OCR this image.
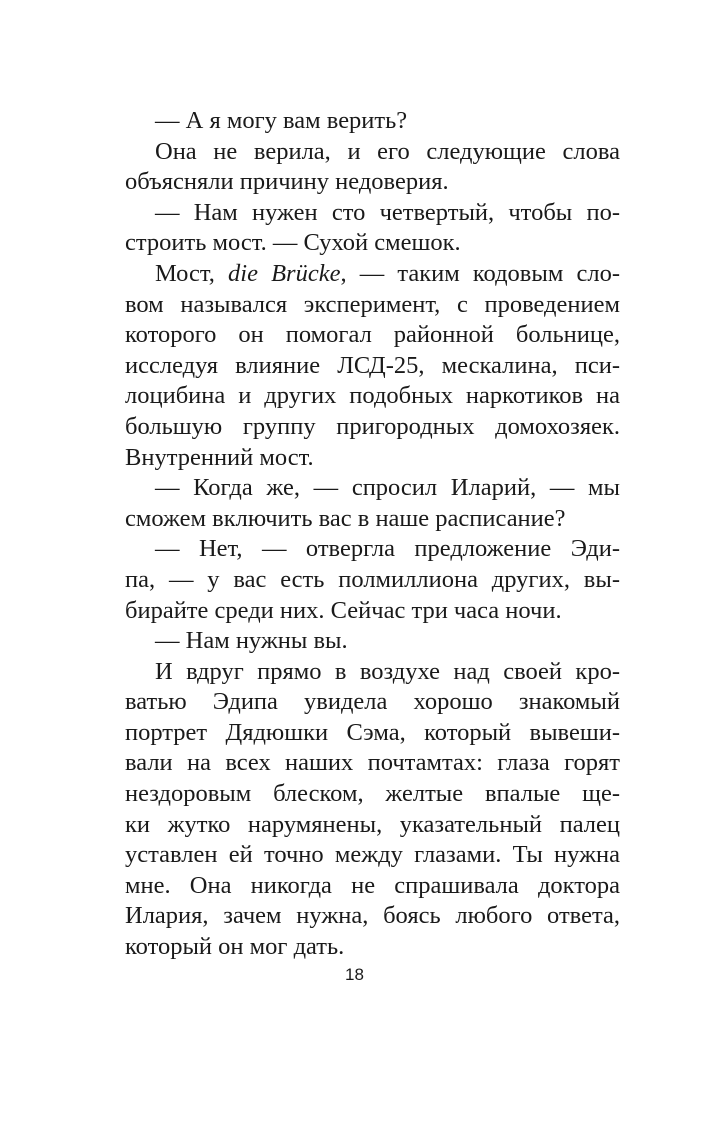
— А я могу вам верить?
Она не верила, и его следующие слова
объясняли причину недоверия.
— Нам нужен сто четвертый, чтобы по-
строить мост. — Сухой смешок.
Мост, die Brücke, — таким кодовым сло-
вом назывался эксперимент, с проведением
которого он помогал районной больнице,
исследуя влияние ЛСД-25, мескалина, пси-
лоцибина и других подобных наркотиков на
большую группу пригородных домохозяек.
Внутренний мост.
— Когда же, — спросил Иларий, — мы
сможем включить вас в наше расписание?
— Нет, — отвергла предложение Эди-
па, — у вас есть полмиллиона других, вы-
бирайте среди них. Сейчас три часа ночи.
— Нам нужны вы.
И вдруг прямо в воздухе над своей кро-
ватью Эдипа увидела хорошо знакомый
портрет Дядюшки Сэма, который вывеши-
вали на всех наших почтамтах: глаза горят
нездоровым блеском, желтые впалые ще-
ки жутко нарумянены, указательный палец
уставлен ей точно между глазами. Ты нужна
мне. Она никогда не спрашивала доктора
Илария, зачем нужна, боясь любого ответа,
который он мог дать.
18
